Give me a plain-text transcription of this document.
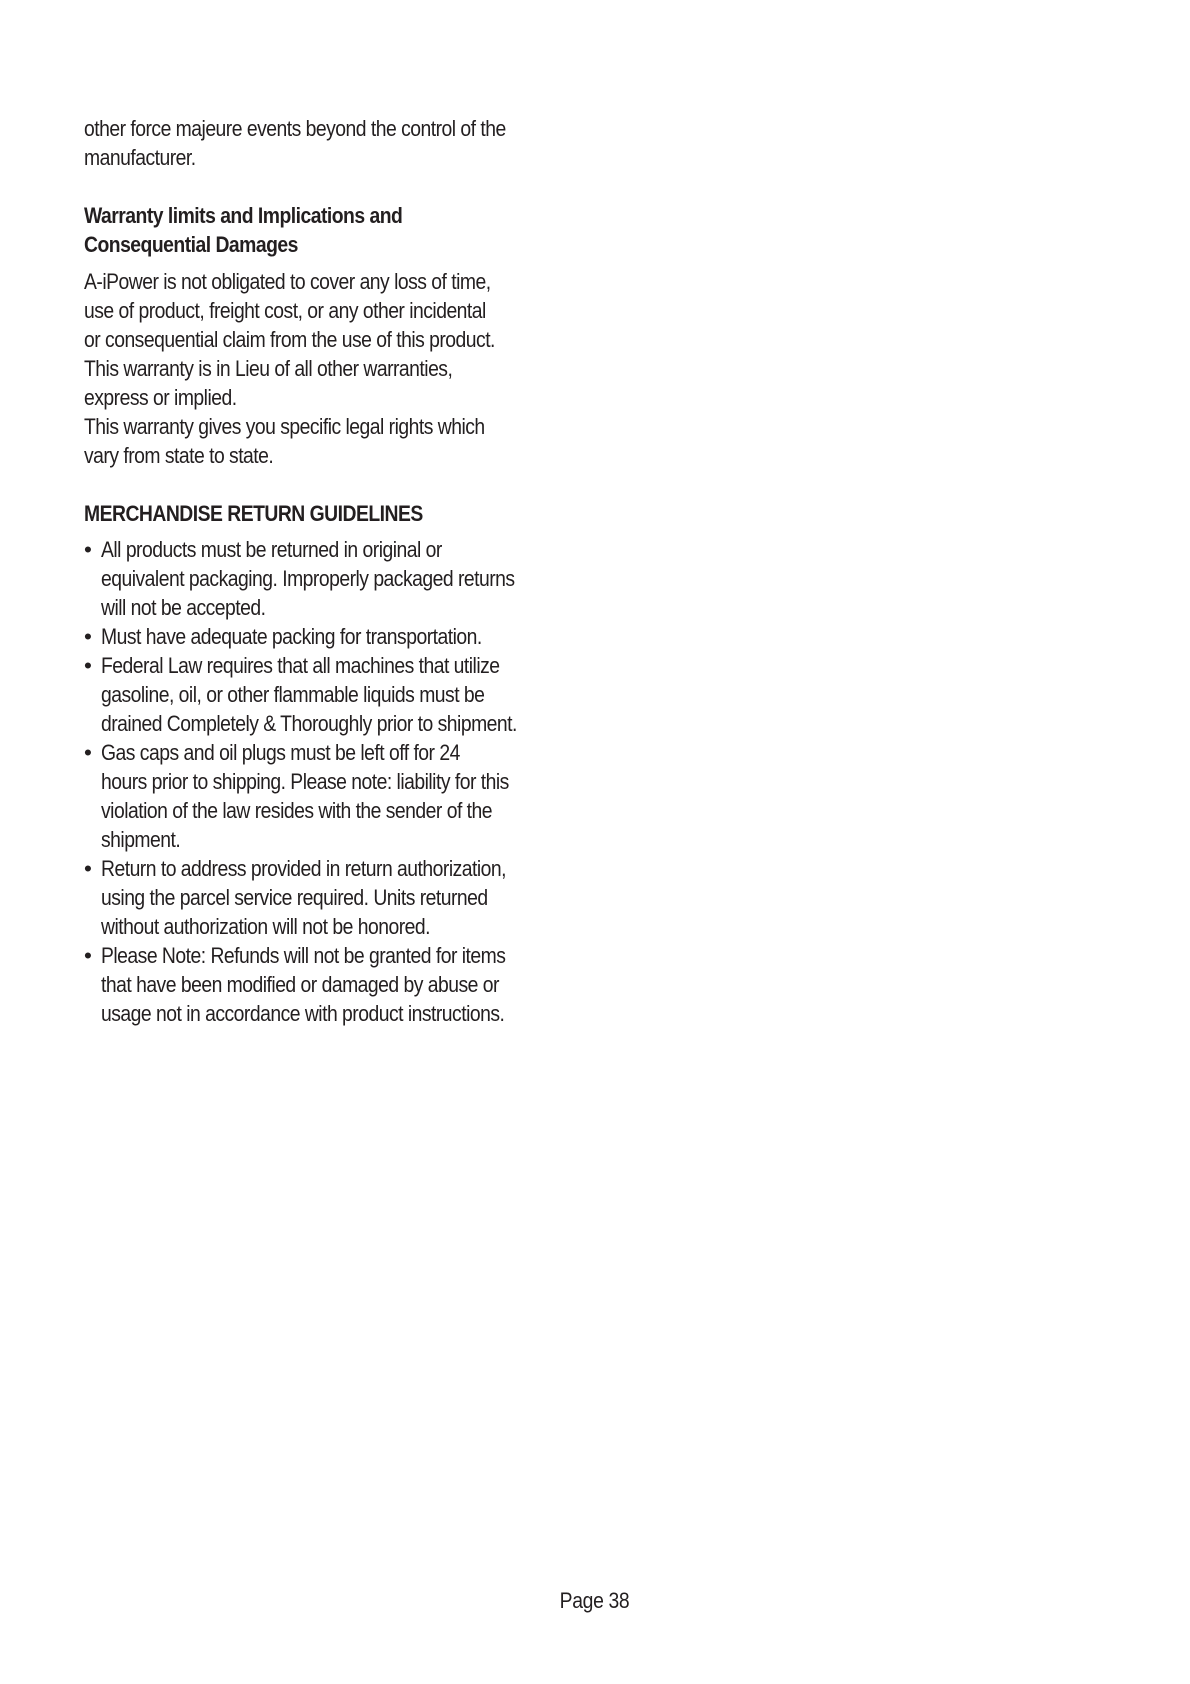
other force majeure events beyond the control of the
manufacturer.
Warranty limits and Implications and
Consequential Damages
A-iPower is not obligated to cover any loss of time,
use of product, freight cost, or any other incidental
or consequential claim from the use of this product.
This warranty is in Lieu of all other warranties,
express or implied.
This warranty gives you specific legal rights which
vary from state to state.
MERCHANDISE RETURN GUIDELINES
• All products must be returned in original or
equivalent packaging. Improperly packaged returns
will not be accepted.
• Must have adequate packing for transportation.
• Federal Law requires that all machines that utilize
gasoline, oil, or other flammable liquids must be
drained Completely & Thoroughly prior to shipment.
• Gas caps and oil plugs must be left off for 24
hours prior to shipping. Please note: liability for this
violation of the law resides with the sender of the
shipment.
• Return to address provided in return authorization,
using the parcel service required. Units returned
without authorization will not be honored.
• Please Note: Refunds will not be granted for items
that have been modified or damaged by abuse or
usage not in accordance with product instructions.
Page 38
